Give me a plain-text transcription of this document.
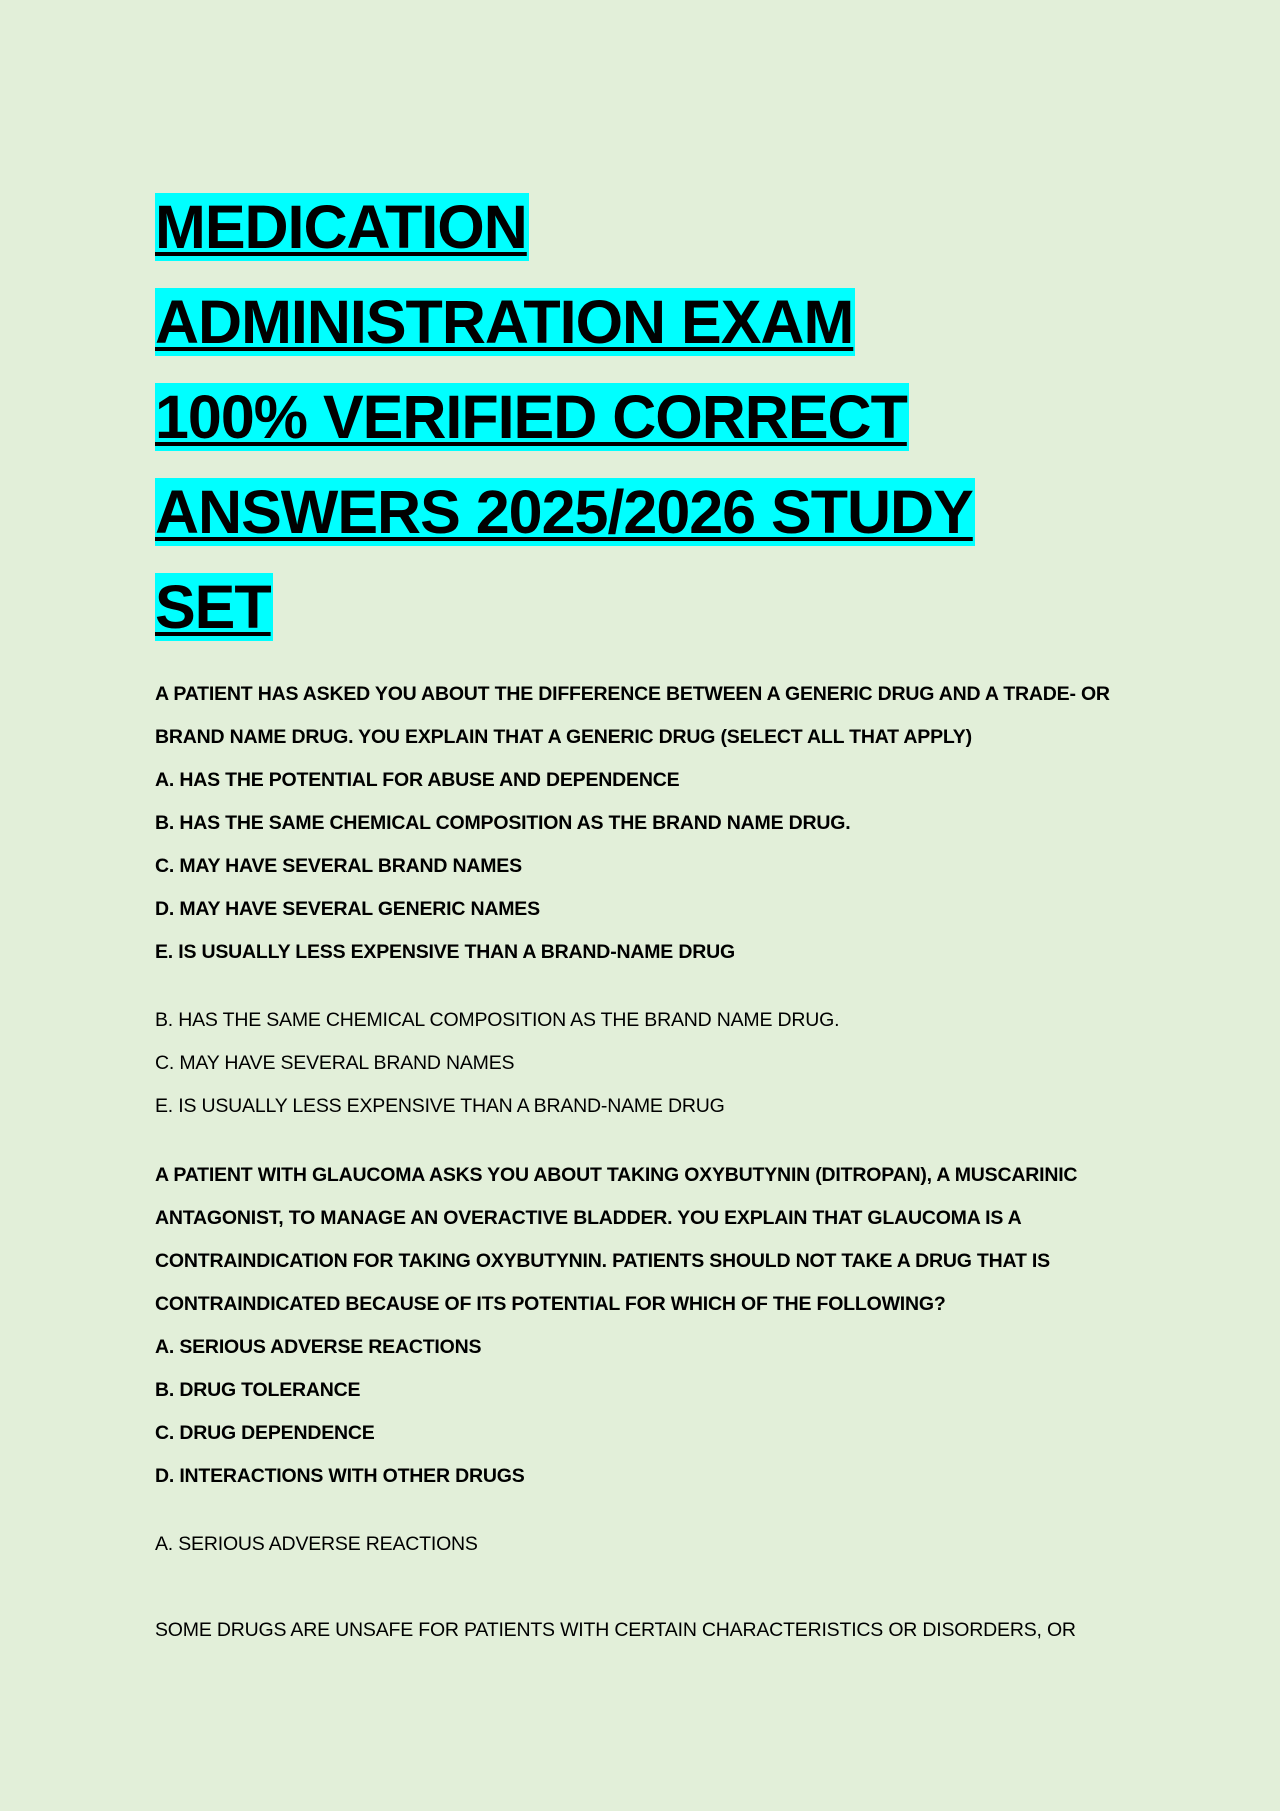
MEDICATION
ADMINISTRATION EXAM
100% VERIFIED CORRECT
ANSWERS 2025/2026 STUDY
SET
A PATIENT HAS ASKED YOU ABOUT THE DIFFERENCE BETWEEN A GENERIC DRUG AND A TRADE- OR
BRAND NAME DRUG. YOU EXPLAIN THAT A GENERIC DRUG (SELECT ALL THAT APPLY)
A. HAS THE POTENTIAL FOR ABUSE AND DEPENDENCE
B. HAS THE SAME CHEMICAL COMPOSITION AS THE BRAND NAME DRUG.
C. MAY HAVE SEVERAL BRAND NAMES
D. MAY HAVE SEVERAL GENERIC NAMES
E. IS USUALLY LESS EXPENSIVE THAN A BRAND-NAME DRUG
B. HAS THE SAME CHEMICAL COMPOSITION AS THE BRAND NAME DRUG.
C. MAY HAVE SEVERAL BRAND NAMES
E. IS USUALLY LESS EXPENSIVE THAN A BRAND-NAME DRUG
A PATIENT WITH GLAUCOMA ASKS YOU ABOUT TAKING OXYBUTYNIN (DITROPAN), A MUSCARINIC
ANTAGONIST, TO MANAGE AN OVERACTIVE BLADDER. YOU EXPLAIN THAT GLAUCOMA IS A
CONTRAINDICATION FOR TAKING OXYBUTYNIN. PATIENTS SHOULD NOT TAKE A DRUG THAT IS
CONTRAINDICATED BECAUSE OF ITS POTENTIAL FOR WHICH OF THE FOLLOWING?
A. SERIOUS ADVERSE REACTIONS
B. DRUG TOLERANCE
C. DRUG DEPENDENCE
D. INTERACTIONS WITH OTHER DRUGS
A. SERIOUS ADVERSE REACTIONS
SOME DRUGS ARE UNSAFE FOR PATIENTS WITH CERTAIN CHARACTERISTICS OR DISORDERS, OR
